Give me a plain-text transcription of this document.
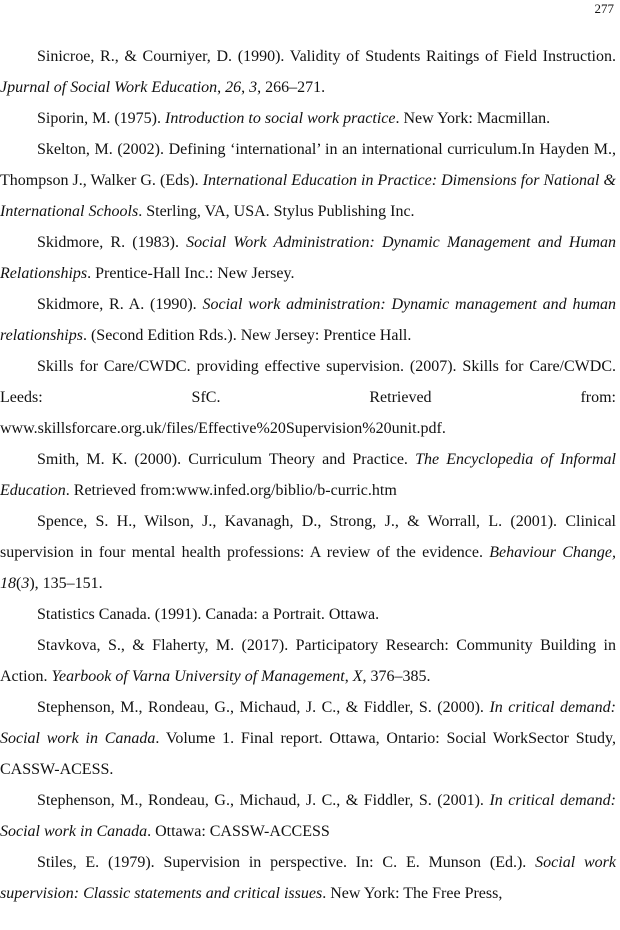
277

Sinicroe, R., & Courniyer, D. (1990). Validity of Students Raitings of Field Instruction. Jpurnal of Social Work Education, 26, 3, 266–271.

Siporin, M. (1975). Introduction to social work practice. New York: Macmillan.

Skelton, M. (2002). Defining ‘international’ in an international curriculum.In Hayden M., Thompson J., Walker G. (Eds). International Education in Practice: Dimensions for National & International Schools. Sterling, VA, USA. Stylus Publishing Inc.

Skidmore, R. (1983). Social Work Administration: Dynamic Management and Human Relationships. Prentice-Hall Inc.: New Jersey.

Skidmore, R. A. (1990). Social work administration: Dynamic management and human relationships. (Second Edition Rds.). New Jersey: Prentice Hall.

Skills for Care/CWDC. providing effective supervision. (2007). Skills for Care/CWDC. Leeds: SfC. Retrieved from: www.skillsforcare.org.uk/files/Effective%20Supervision%20unit.pdf.

Smith, M. K. (2000). Curriculum Theory and Practice. The Encyclopedia of Informal Education. Retrieved from:www.infed.org/biblio/b-curric.htm

Spence, S. H., Wilson, J., Kavanagh, D., Strong, J., & Worrall, L. (2001). Clinical supervision in four mental health professions: A review of the evidence. Behaviour Change, 18(3), 135–151.

Statistics Canada. (1991). Canada: a Portrait. Ottawa.

Stavkova, S., & Flaherty, M. (2017). Participatory Research: Community Building in Action. Yearbook of Varna University of Management, X, 376–385.

Stephenson, M., Rondeau, G., Michaud, J. C., & Fiddler, S. (2000). In critical demand: Social work in Canada. Volume 1. Final report. Ottawa, Ontario: Social WorkSector Study, CASSW-ACESS.

Stephenson, M., Rondeau, G., Michaud, J. C., & Fiddler, S. (2001). In critical demand: Social work in Canada. Ottawa: CASSW-ACCESS

Stiles, E. (1979). Supervision in perspective. In: C. E. Munson (Ed.). Social work supervision: Classic statements and critical issues. New York: The Free Press,
